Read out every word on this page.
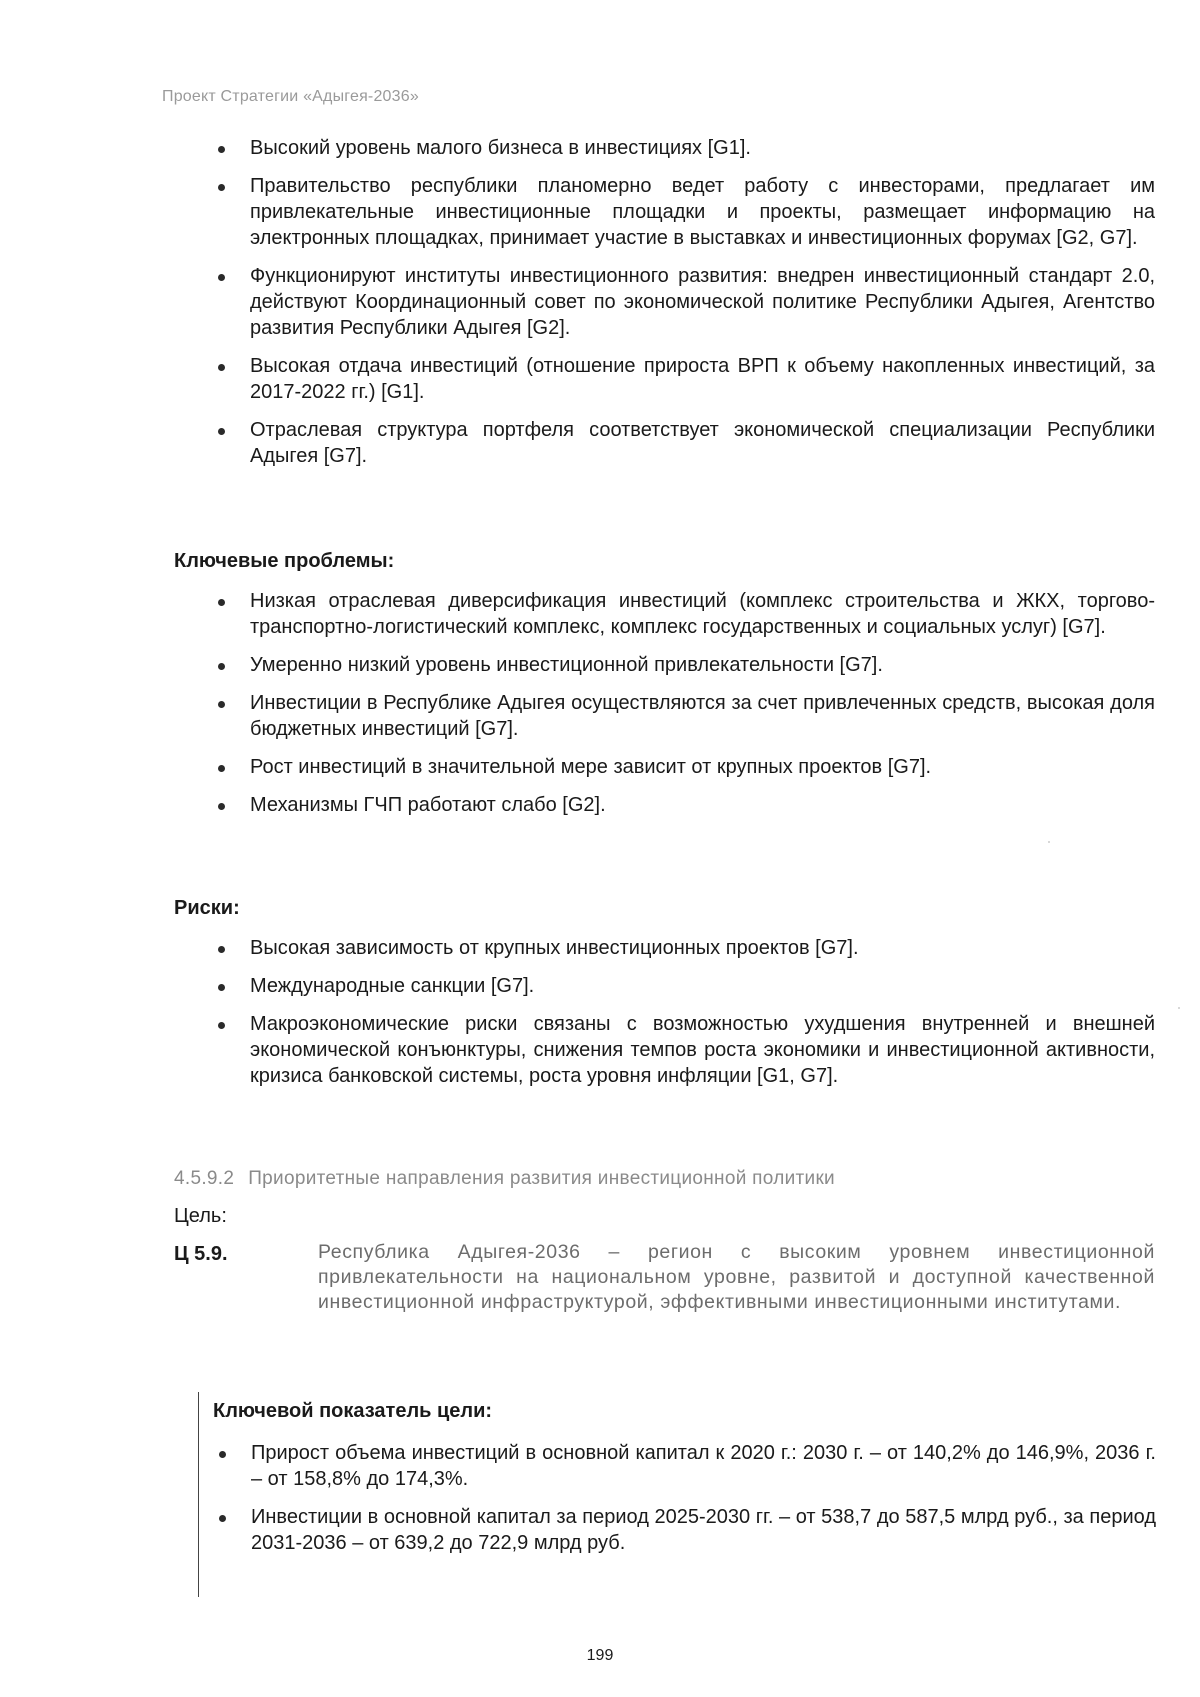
Проект Стратегии «Адыгея-2036»
Высокий уровень малого бизнеса в инвестициях [G1].
Правительство республики планомерно ведет работу с инвесторами, предлагает им привлекательные инвестиционные площадки и проекты, размещает информацию на электронных площадках, принимает участие в выставках и инвестиционных форумах [G2, G7].
Функционируют институты инвестиционного развития: внедрен инвестиционный стандарт 2.0, действуют Координационный совет по экономической политике Республики Адыгея, Агентство развития Республики Адыгея [G2].
Высокая отдача инвестиций (отношение прироста ВРП к объему накопленных инвестиций, за 2017-2022 гг.) [G1].
Отраслевая структура портфеля соответствует экономической специализации Республики Адыгея [G7].
Ключевые проблемы:
Низкая отраслевая диверсификация инвестиций (комплекс строительства и ЖКХ, торгово-транспортно-логистический комплекс, комплекс государственных и социальных услуг) [G7].
Умеренно низкий уровень инвестиционной привлекательности [G7].
Инвестиции в Республике Адыгея осуществляются за счет привлеченных средств, высокая доля бюджетных инвестиций [G7].
Рост инвестиций в значительной мере зависит от крупных проектов [G7].
Механизмы ГЧП работают слабо [G2].
Риски:
Высокая зависимость от крупных инвестиционных проектов [G7].
Международные санкции [G7].
Макроэкономические риски связаны с возможностью ухудшения внутренней и внешней экономической конъюнктуры, снижения темпов роста экономики и инвестиционной активности, кризиса банковской системы, роста уровня инфляции [G1, G7].
4.5.9.2 Приоритетные направления развития инвестиционной политики
Цель:
Ц 5.9.	Республика Адыгея-2036 – регион с высоким уровнем инвестиционной привлекательности на национальном уровне, развитой и доступной качественной инвестиционной инфраструктурой, эффективными инвестиционными институтами.
Ключевой показатель цели:
Прирост объема инвестиций в основной капитал к 2020 г.: 2030 г. – от 140,2% до 146,9%, 2036 г. – от 158,8% до 174,3%.
Инвестиции в основной капитал за период 2025-2030 гг. – от 538,7 до 587,5 млрд руб., за период 2031-2036 – от 639,2 до 722,9 млрд руб.
199
